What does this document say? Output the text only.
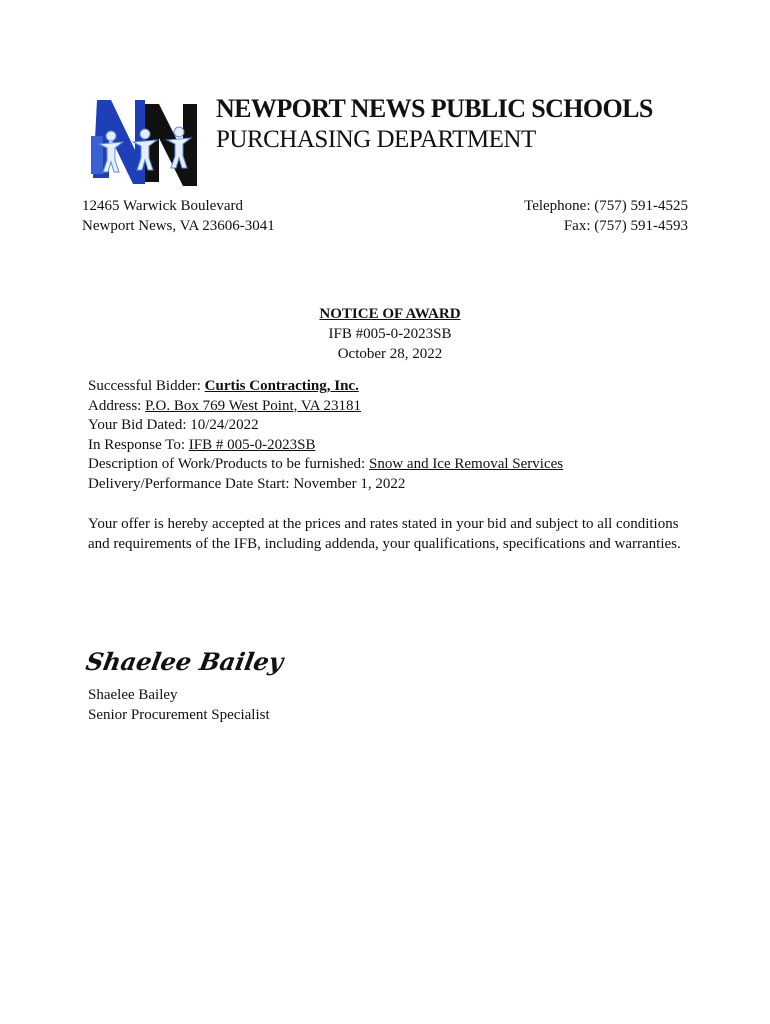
NEWPORT NEWS PUBLIC SCHOOLS
PURCHASING DEPARTMENT
12465 Warwick Boulevard
Newport News, VA 23606-3041
Telephone: (757) 591-4525
Fax: (757) 591-4593
NOTICE OF AWARD
IFB #005-0-2023SB
October 28, 2022
Successful Bidder: Curtis Contracting, Inc.
Address: P.O. Box 769 West Point, VA 23181
Your Bid Dated: 10/24/2022
In Response To: IFB # 005-0-2023SB
Description of Work/Products to be furnished: Snow and Ice Removal Services
Delivery/Performance Date Start: November 1, 2022
Your offer is hereby accepted at the prices and rates stated in your bid and subject to all conditions
and requirements of the IFB, including addenda, your qualifications, specifications and warranties.
Shaelee Bailey
Shaelee Bailey
Senior Procurement Specialist
